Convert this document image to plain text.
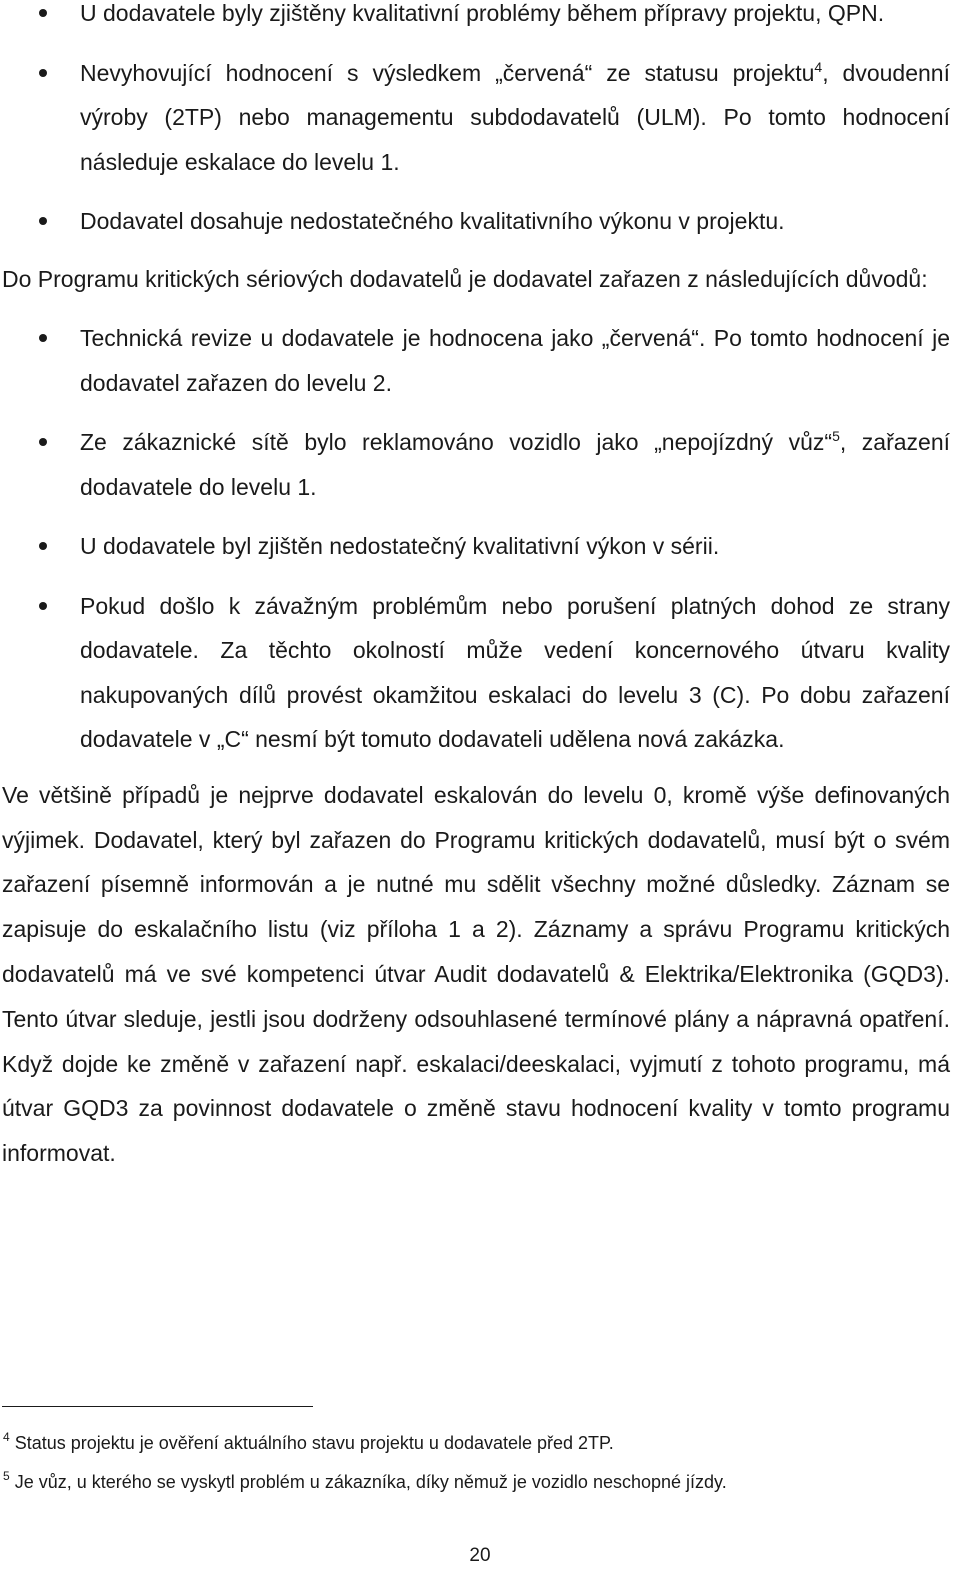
U dodavatele byly zjištěny kvalitativní problémy během přípravy projektu, QPN.
Nevyhovující hodnocení s výsledkem „červená“ ze statusu projektu$^4$, dvoudenní výroby (2TP) nebo managementu subdodavatelů (ULM). Po tomto hodnocení následuje eskalace do levelu 1.
Dodavatel dosahuje nedostatečného kvalitativního výkonu v projektu.

Do Programu kritických sériových dodavatelů je dodavatel zařazen z následujících důvodů:

Technická revize u dodavatele je hodnocena jako „červená“. Po tomto hodnocení je dodavatel zařazen do levelu 2.
Ze zákaznické sítě bylo reklamováno vozidlo jako „nepojízdný vůz“$^5$, zařazení dodavatele do levelu 1.
U dodavatele byl zjištěn nedostatečný kvalitativní výkon v sérii.
Pokud došlo k závažným problémům nebo porušení platných dohod ze strany dodavatele. Za těchto okolností může vedení koncernového útvaru kvality nakupovaných dílů provést okamžitou eskalaci do levelu 3 (C). Po dobu zařazení dodavatele v „C“ nesmí být tomuto dodavateli udělena nová zakázka.

Ve většině případů je nejprve dodavatel eskalován do levelu 0, kromě výše definovaných výjimek. Dodavatel, který byl zařazen do Programu kritických dodavatelů, musí být o svém zařazení písemně informován a je nutné mu sdělit všechny možné důsledky. Záznam se zapisuje do eskalačního listu (viz příloha 1 a 2). Záznamy a správu Programu kritických dodavatelů má ve své kompetenci útvar Audit dodavatelů & Elektrika/Elektronika (GQD3). Tento útvar sleduje, jestli jsou dodrženy odsouhlasené termínové plány a nápravná opatření. Když dojde ke změně v zařazení např. eskalaci/deeskalaci, vyjmutí z tohoto programu, má útvar GQD3 za povinnost dodavatele o změně stavu hodnocení kvality v tomto programu informovat.

$^4$ Status projektu je ověření aktuálního stavu projektu u dodavatele před 2TP.
$^5$ Je vůz, u kterého se vyskytl problém u zákazníka, díky němuž je vozidlo neschopné jízdy.
20
